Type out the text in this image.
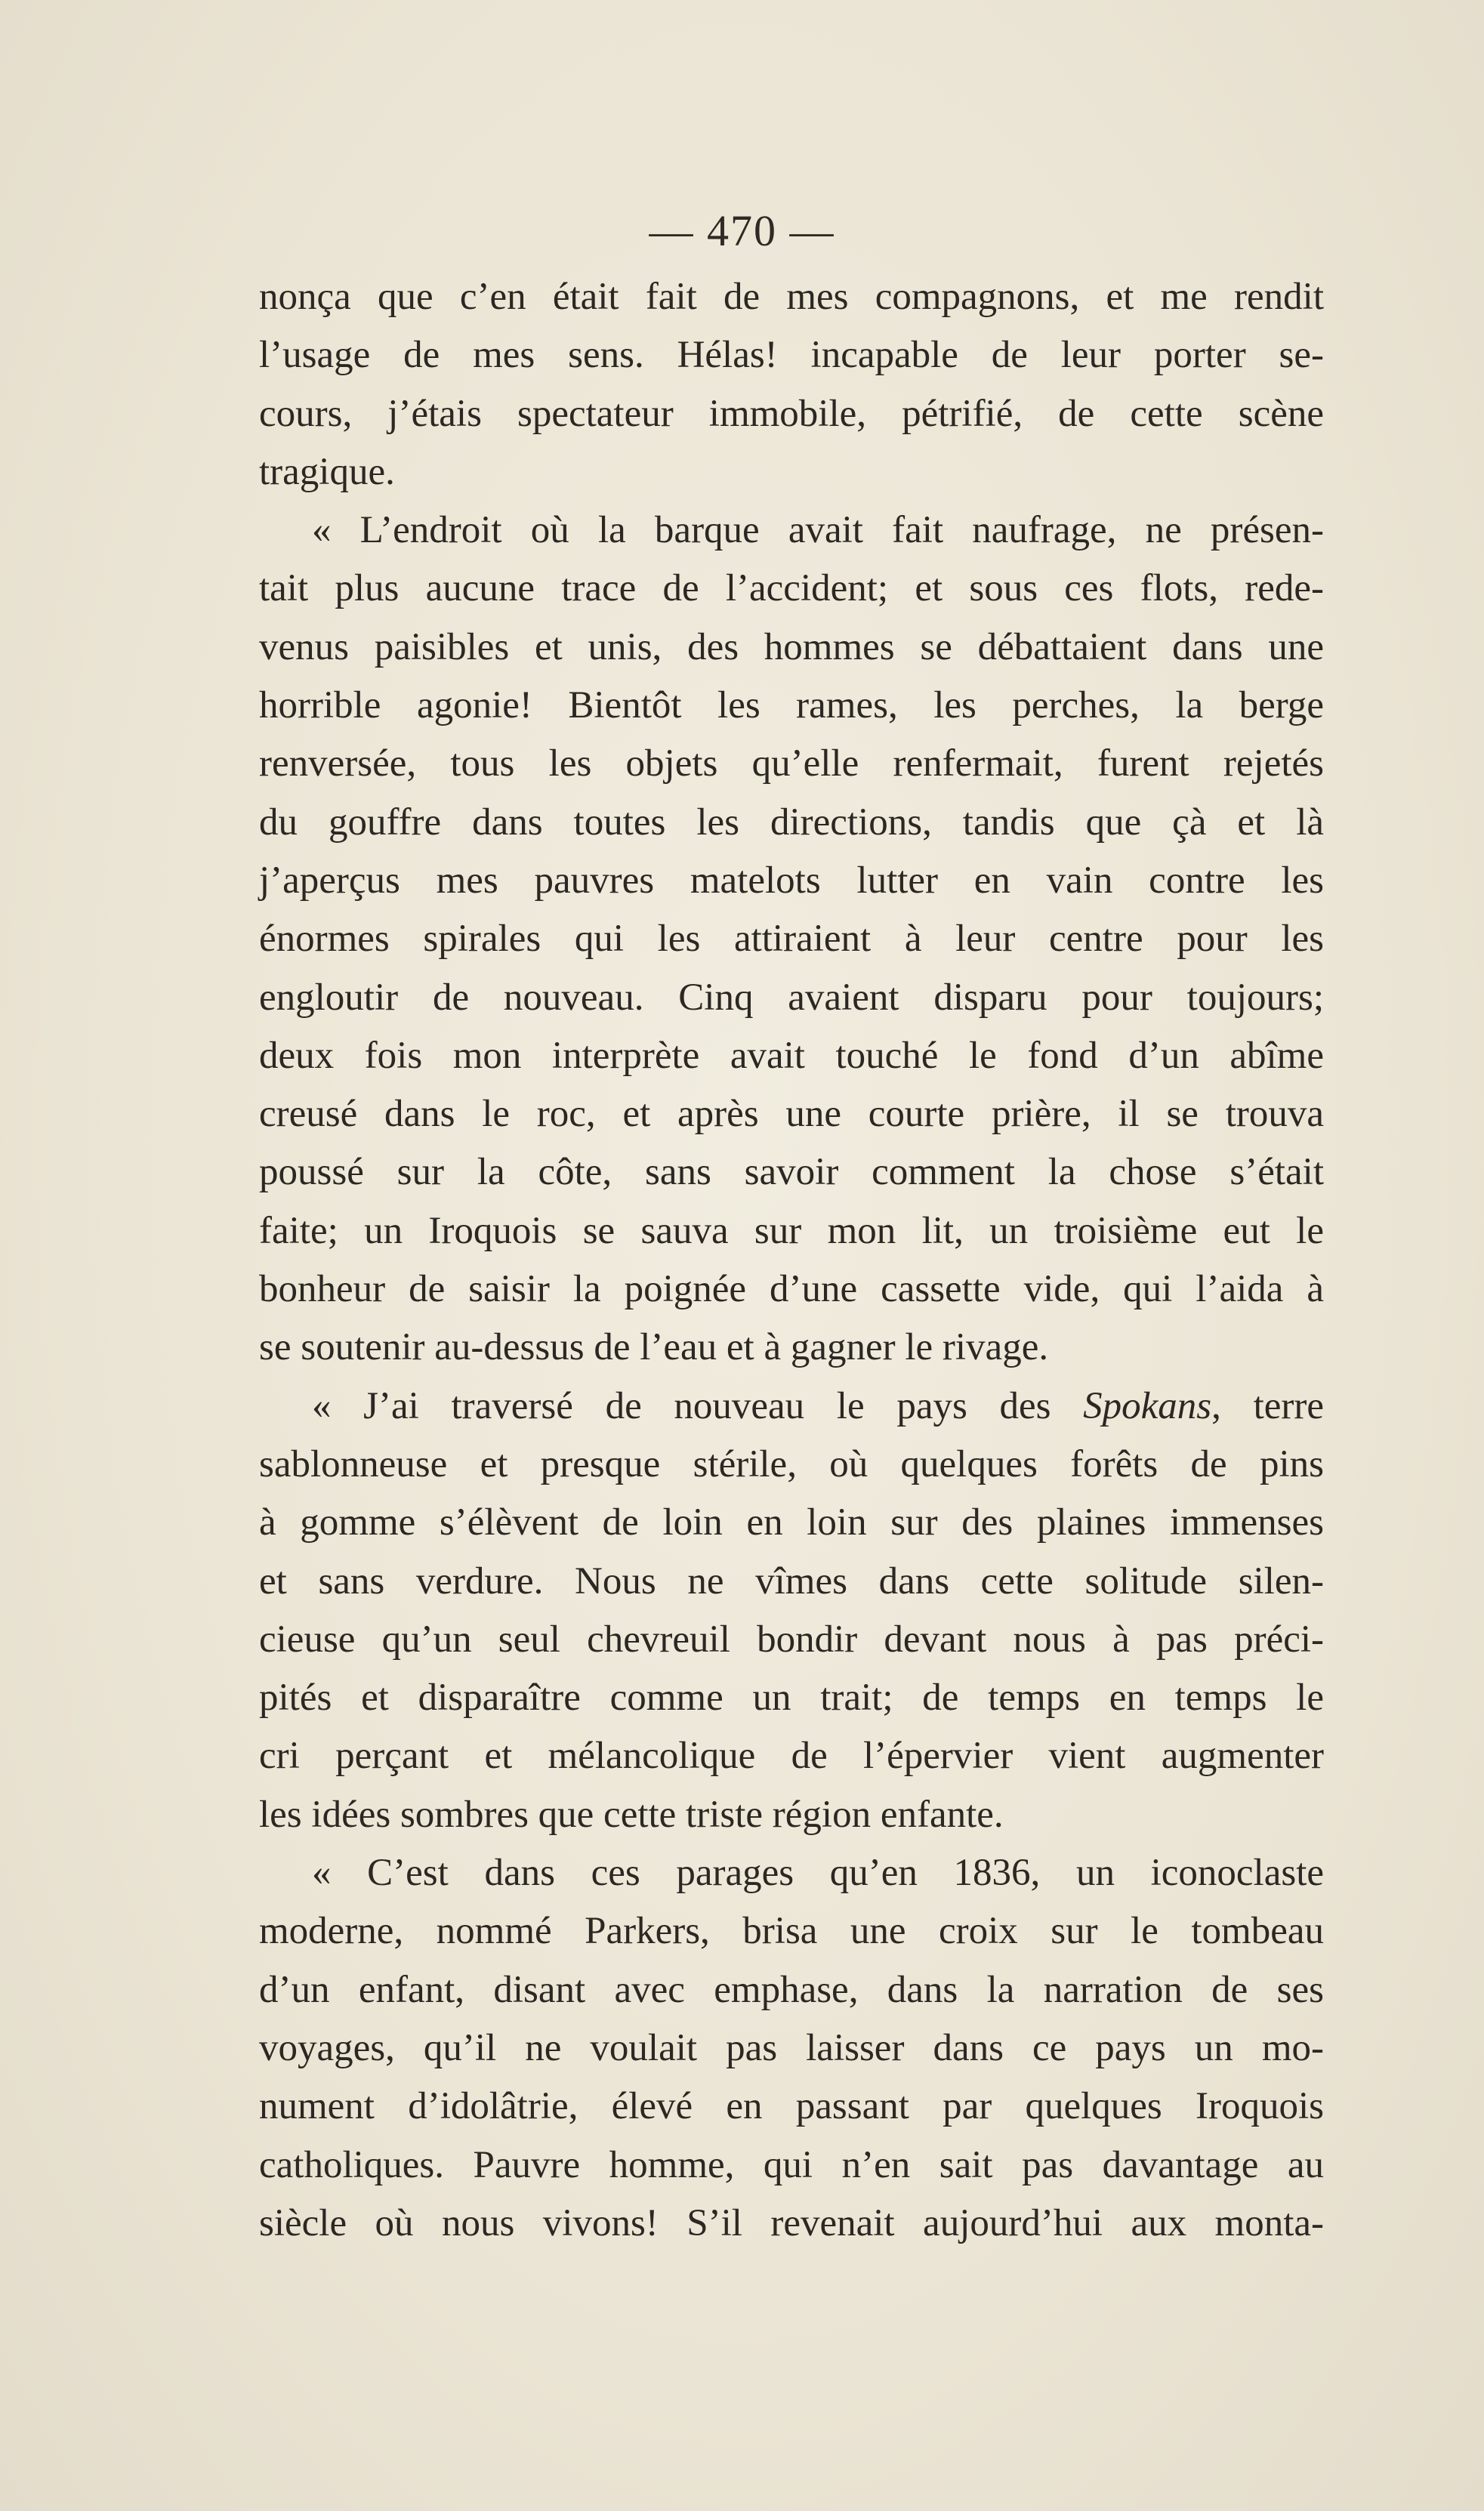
— 470 —
nonça que c’en était fait de mes compagnons, et me rendit
l’usage de mes sens. Hélas! incapable de leur porter se-
cours, j’étais spectateur immobile, pétrifié, de cette scène
tragique.
« L’endroit où la barque avait fait naufrage, ne présen-
tait plus aucune trace de l’accident; et sous ces flots, rede-
venus paisibles et unis, des hommes se débattaient dans une
horrible agonie! Bientôt les rames, les perches, la berge
renversée, tous les objets qu’elle renfermait, furent rejetés
du gouffre dans toutes les directions, tandis que çà et là
j’aperçus mes pauvres matelots lutter en vain contre les
énormes spirales qui les attiraient à leur centre pour les
engloutir de nouveau. Cinq avaient disparu pour toujours;
deux fois mon interprète avait touché le fond d’un abîme
creusé dans le roc, et après une courte prière, il se trouva
poussé sur la côte, sans savoir comment la chose s’était
faite; un Iroquois se sauva sur mon lit, un troisième eut le
bonheur de saisir la poignée d’une cassette vide, qui l’aida à
se soutenir au-dessus de l’eau et à gagner le rivage.
« J’ai traversé de nouveau le pays des Spokans, terre
sablonneuse et presque stérile, où quelques forêts de pins
à gomme s’élèvent de loin en loin sur des plaines immenses
et sans verdure. Nous ne vîmes dans cette solitude silen-
cieuse qu’un seul chevreuil bondir devant nous à pas préci-
pités et disparaître comme un trait; de temps en temps le
cri perçant et mélancolique de l’épervier vient augmenter
les idées sombres que cette triste région enfante.
« C’est dans ces parages qu’en 1836, un iconoclaste
moderne, nommé Parkers, brisa une croix sur le tombeau
d’un enfant, disant avec emphase, dans la narration de ses
voyages, qu’il ne voulait pas laisser dans ce pays un mo-
nument d’idolâtrie, élevé en passant par quelques Iroquois
catholiques. Pauvre homme, qui n’en sait pas davantage au
siècle où nous vivons! S’il revenait aujourd’hui aux monta-
